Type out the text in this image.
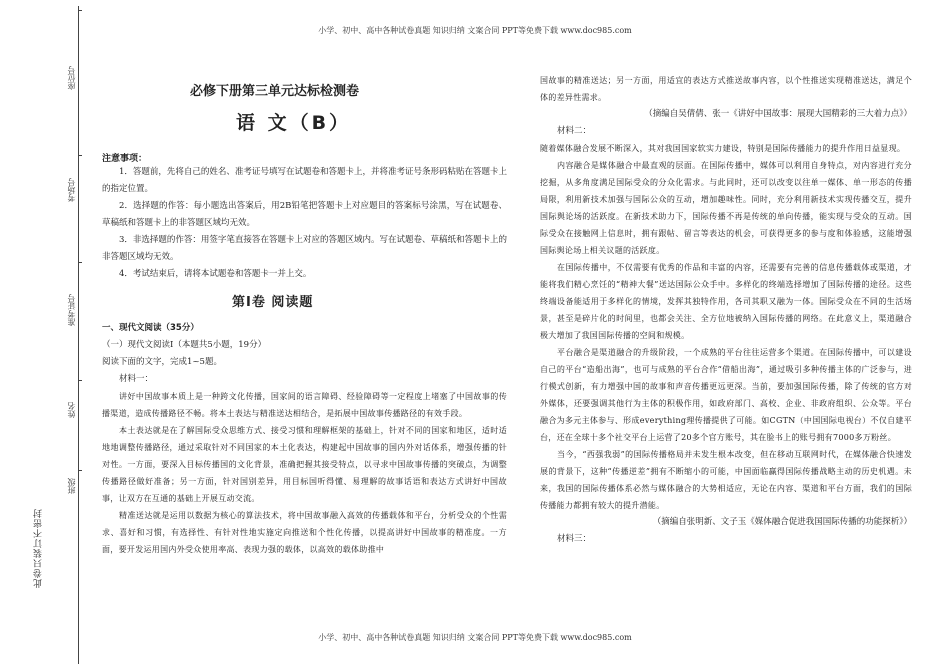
小学、初中、高中各种试卷真题 知识归纳 文案合同 PPT等免费下载 www.doc985.com
座位号
考场号
准考证号
姓名
班级
此卷只装订不密封
必修下册第三单元达标检测卷
语 文（B）
注意事项：

1．答题前，先将自己的姓名、准考证号填写在试题卷和答题卡上，并将准考证号条形码粘贴在答题卡上的指定位置。

2．选择题的作答：每小题选出答案后，用2B铅笔把答题卡上对应题目的答案标号涂黑，写在试题卷、草稿纸和答题卡上的非答题区域均无效。

3．非选择题的作答：用签字笔直接答在答题卡上对应的答题区域内。写在试题卷、草稿纸和答题卡上的非答题区域均无效。

4．考试结束后，请将本试题卷和答题卡一并上交。

第Ⅰ卷 阅读题

一、现代文阅读（35分）

（一）现代文阅读Ⅰ（本题共5小题，19分）

阅读下面的文字，完成1~5题。

材料一：

讲好中国故事本质上是一种跨文化传播，国家间的语言障碍、经验障碍等一定程度上堵塞了中国故事的传播渠道，造成传播路径不畅。将本土表达与精准送达相结合，是拓展中国故事传播路径的有效手段。

本土表达就是在了解国际受众思维方式、接受习惯和理解框架的基础上，针对不同的国家和地区，适时适地地调整传播路径，通过采取针对不同国家的本土化表达，构建起中国故事的国内外对话体系，增强传播的针对性。一方面，要深入目标传播国的文化背景，准确把握其接受特点，以寻求中国故事传播的突破点，为调整传播路径做好准备；另一方面，针对国别差异，用目标国听得懂、易理解的故事话语和表达方式讲好中国故事，让双方在互通的基础上开展互动交流。

精准送达就是运用以数据为核心的算法技术，将中国故事融入高效的传播载体和平台，分析受众的个性需求、喜好和习惯，有选择性、有针对性地实施定向推送和个性化传播，以提高讲好中国故事的精准度。一方面，要开发运用国内外受众使用率高、表现力强的载体，以高效的载体助推中

国故事的精准送达；另一方面，用适宜的表达方式推送故事内容，以个性推送实现精准送达，满足个体的差异性需求。

（摘编自吴倩倩、张一《讲好中国故事：展现大国精彩的三大着力点》）

材料二：

随着媒体融合发展不断深入，其对我国国家软实力建设，特别是国际传播能力的提升作用日益显现。

内容融合是媒体融合中最直观的层面。在国际传播中，媒体可以利用自身特点，对内容进行充分挖掘，从多角度满足国际受众的分众化需求。与此同时，还可以改变以往单一媒体、单一形态的传播局限，利用新技术加强与国际公众的互动，增加趣味性。同时，充分利用新技术实现传播交互，提升国际舆论场的活跃度。在新技术助力下，国际传播不再是传统的单向传播，能实现与受众的互动。国际受众在接触网上信息时，拥有跟帖、留言等表达的机会，可获得更多的参与度和体验感，这能增强国际舆论场上相关议题的活跃度。

在国际传播中，不仅需要有优秀的作品和丰富的内容，还需要有完善的信息传播载体或渠道，才能将我们精心烹饪的“精神大餐”送达国际公众手中。多样化的终端选择增加了国际传播的途径。这些终端设备能适用于多样化的情境，发挥其独特作用，各司其职又融为一体。国际受众在不同的生活场景，甚至是碎片化的时间里，也都会关注、全方位地被纳入国际传播的网络。在此意义上，渠道融合极大增加了我国国际传播的空间和规模。

平台融合是渠道融合的升级阶段，一个成熟的平台往往运营多个渠道。在国际传播中，可以建设自己的平台“造船出海”，也可与成熟的平台合作“借船出海”，通过吸引多种传播主体的广泛参与，进行模式创新，有力增强中国的故事和声音传播更远更深。当前，要加强国际传播，除了传统的官方对外媒体，还要强调其他行为主体的积极作用，如政府部门、高校、企业、非政府组织、公众等。平台融合为多元主体参与、形成everything理传播提供了可能。如CGTN（中国国际电视台）不仅自建平台，还在全球十多个社交平台上运营了20多个官方账号，其在脸书上的账号拥有7000多万粉丝。

当今，“西强我弱”的国际传播格局并未发生根本改变，但在移动互联网时代，在媒体融合快速发展的背景下，这种“传播逆差”拥有不断缩小的可能，中国面临赢得国际传播战略主动的历史机遇。未来，我国的国际传播体系必然与媒体融合的大势相适应，无论在内容、渠道和平台方面，我们的国际传播能力都拥有较大的提升潜能。

（摘编自张明新、文子玉《媒体融合促进我国国际传播的功能探析》）

材料三：

小学、初中、高中各种试卷真题 知识归纳 文案合同 PPT等免费下载 www.doc985.com
